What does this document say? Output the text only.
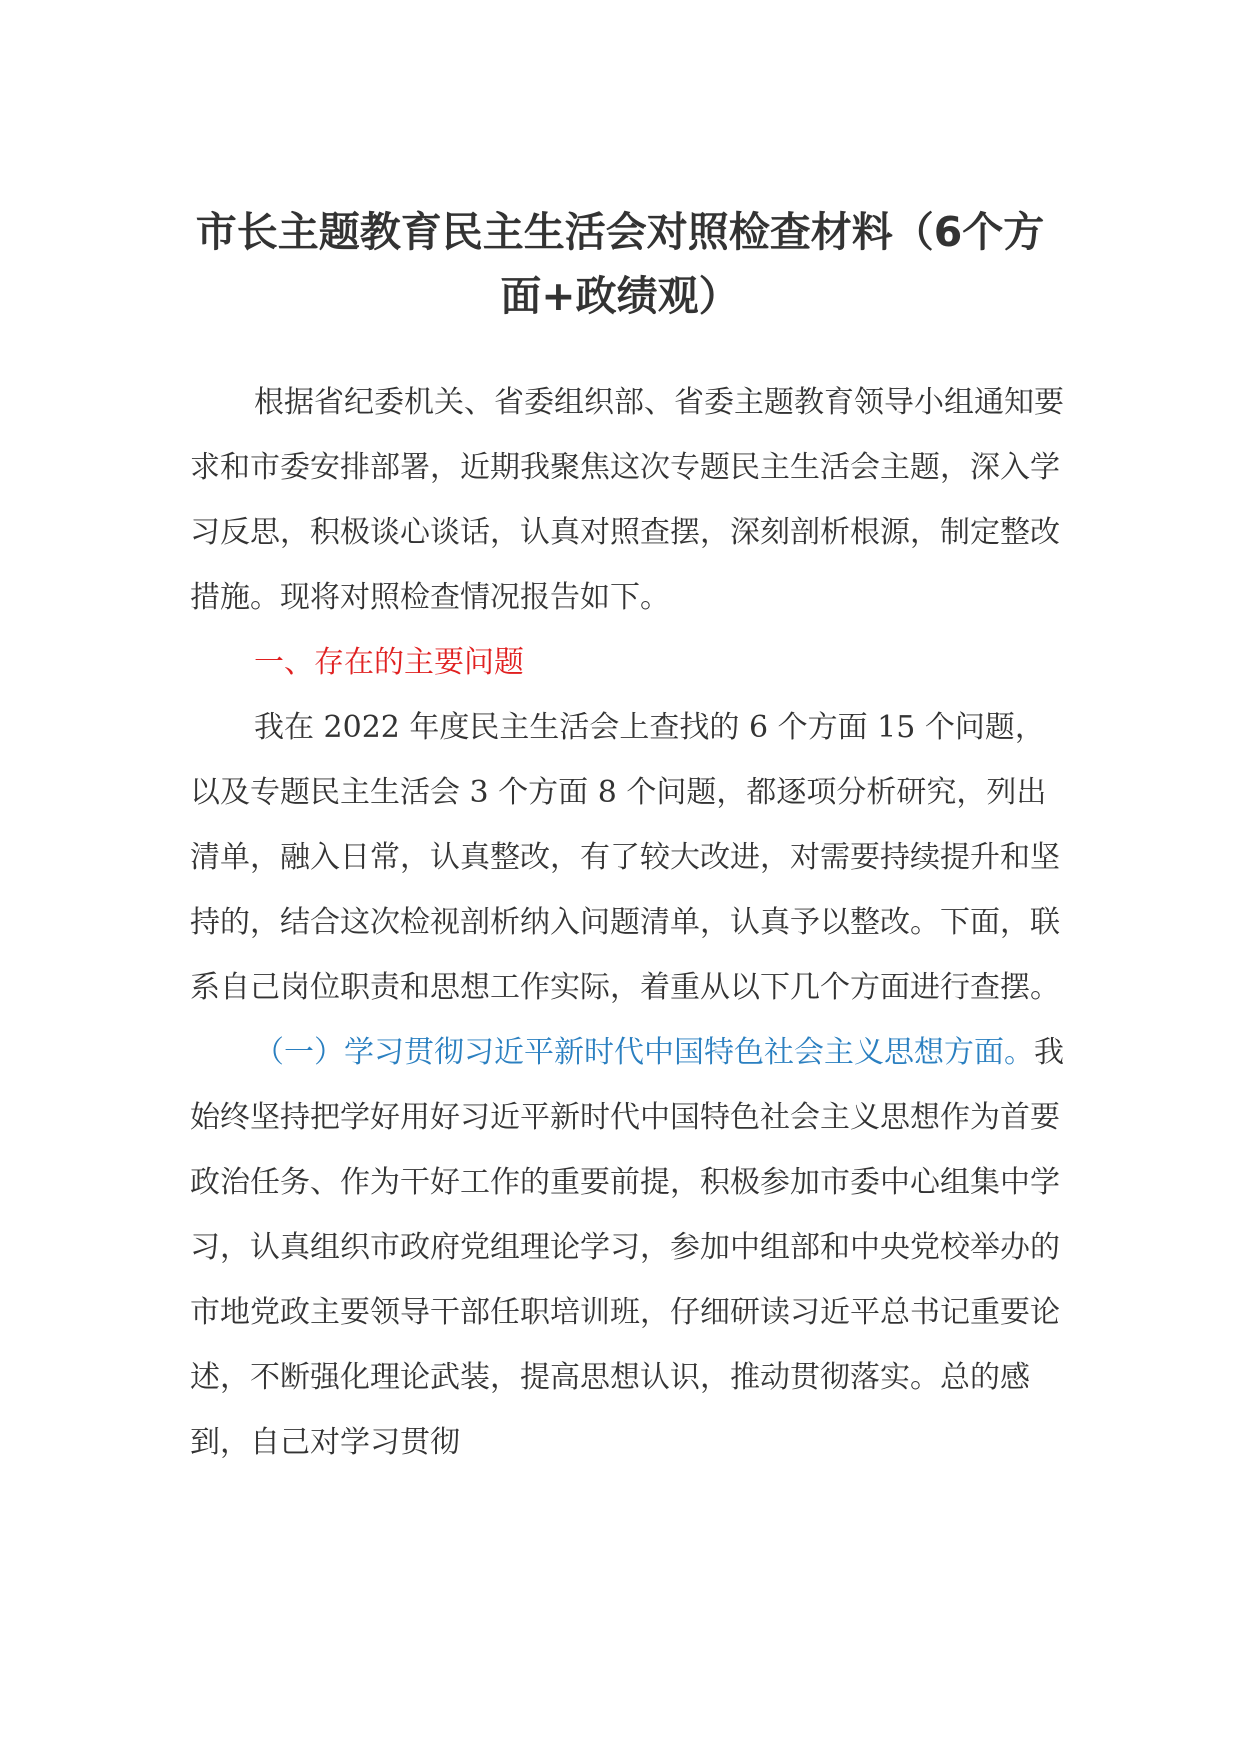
市长主题教育民主生活会对照检查材料（6个方面+政绩观）

根据省纪委机关、省委组织部、省委主题教育领导小组通知要求和市委安排部署，近期我聚焦这次专题民主生活会主题，深入学习反思，积极谈心谈话，认真对照查摆，深刻剖析根源，制定整改措施。现将对照检查情况报告如下。

一、存在的主要问题

我在 2022 年度民主生活会上查找的 6 个方面 15 个问题，以及专题民主生活会 3 个方面 8 个问题，都逐项分析研究，列出清单，融入日常，认真整改，有了较大改进，对需要持续提升和坚持的，结合这次检视剖析纳入问题清单，认真予以整改。下面，联系自己岗位职责和思想工作实际，着重从以下几个方面进行查摆。

（一）学习贯彻习近平新时代中国特色社会主义思想方面。我始终坚持把学好用好习近平新时代中国特色社会主义思想作为首要政治任务、作为干好工作的重要前提，积极参加市委中心组集中学习，认真组织市政府党组理论学习，参加中组部和中央党校举办的市地党政主要领导干部任职培训班，仔细研读习近平总书记重要论述，不断强化理论武装，提高思想认识，推动贯彻落实。总的感到，自己对学习贯彻
